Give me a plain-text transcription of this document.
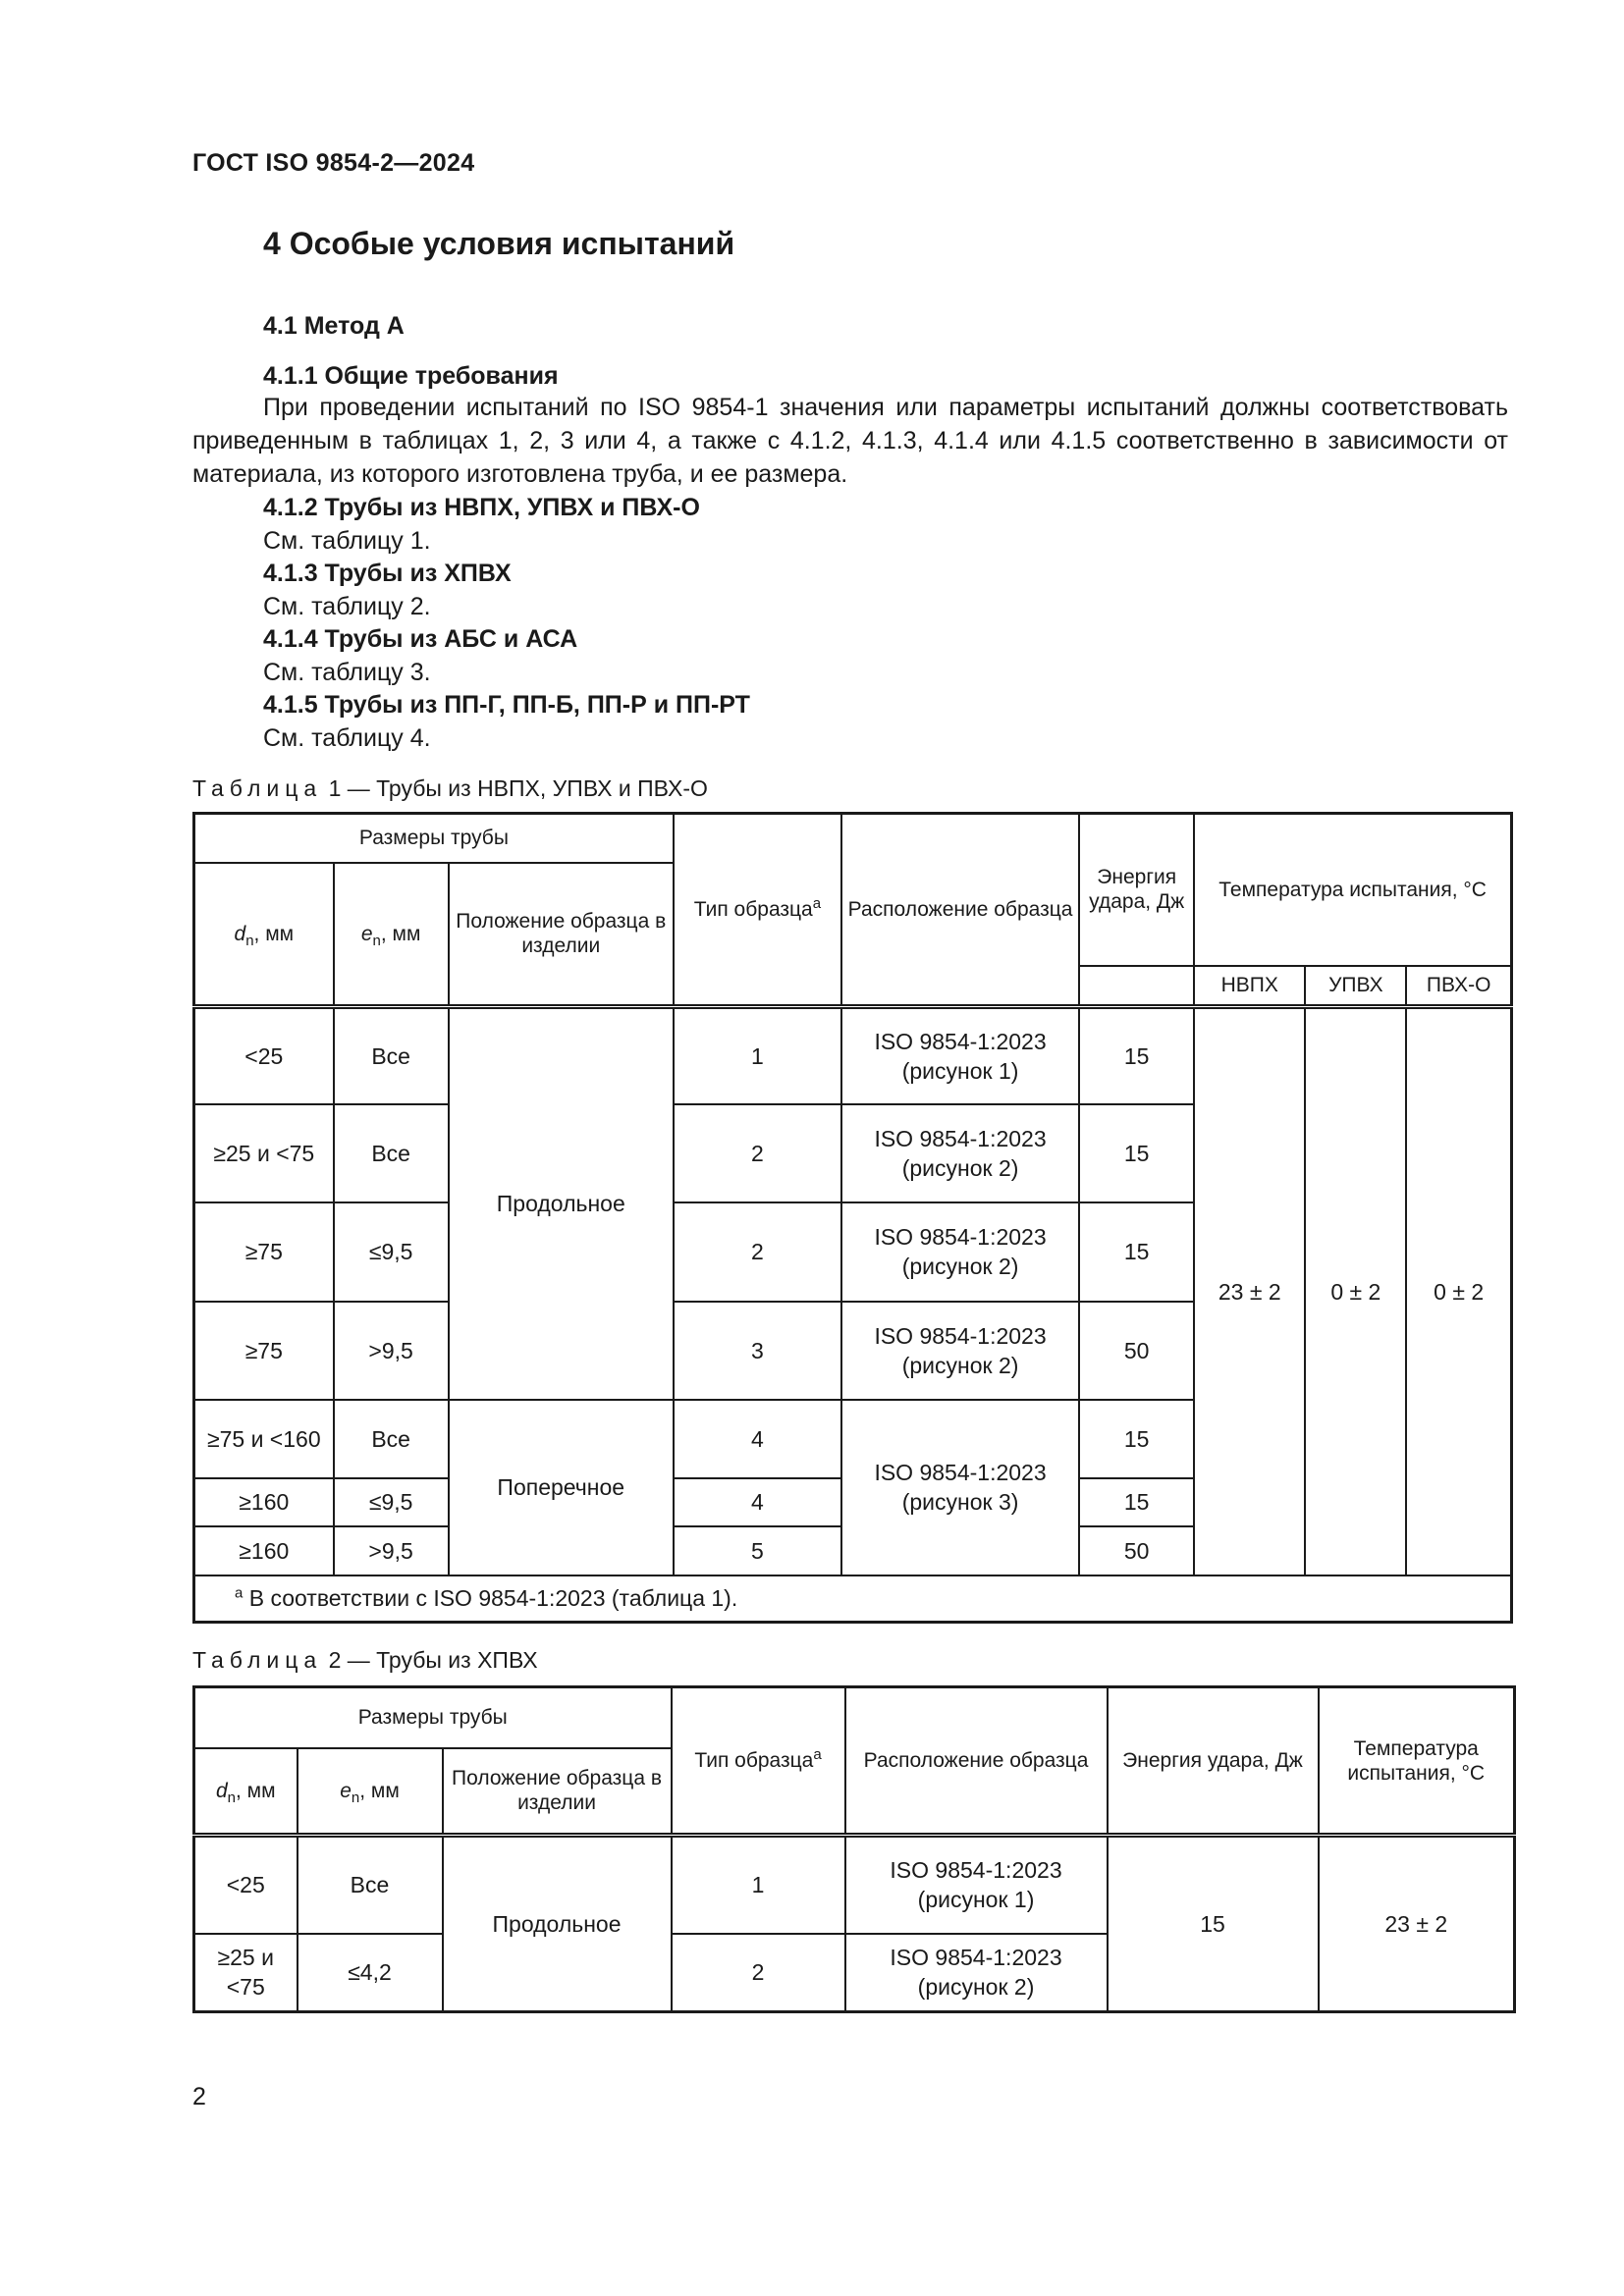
ГОСТ ISO 9854-2—2024
4 Особые условия испытаний
4.1 Метод А
4.1.1 Общие требования
При проведении испытаний по ISO 9854-1 значения или параметры испытаний должны соответствовать приведенным в таблицах 1, 2, 3 или 4, а также с 4.1.2, 4.1.3, 4.1.4 или 4.1.5 соответственно в зависимости от материала, из которого изготовлена труба, и ее размера.
4.1.2 Трубы из НВПХ, УПВХ и ПВХ-О
См. таблицу 1.
4.1.3 Трубы из ХПВХ
См. таблицу 2.
4.1.4 Трубы из АБС и АСА
См. таблицу 3.
4.1.5 Трубы из ПП-Г, ПП-Б, ПП-Р и ПП-РТ
См. таблицу 4.
Таблица 1 — Трубы из НВПХ, УПВХ и ПВХ-О
Размеры трубы			Тип образца$^a$	Расположение образца	Энергия удара, Дж	Температура испытания, °C		
$d_n$, мм	$e_n$, мм	Положение образца в изделии						
						НВПХ	УПВХ	ПВХ-О
<25	Все	Продольное	1	ISO 9854-1:2023 (рисунок 1)	15	23 ± 2	0 ± 2	0 ± 2
≥25 и <75	Все		2	ISO 9854-1:2023 (рисунок 2)	15			
≥75	≤9,5		2	ISO 9854-1:2023 (рисунок 2)	15			
≥75	>9,5		3	ISO 9854-1:2023 (рисунок 2)	50			
≥75 и <160	Все	Поперечное	4	ISO 9854-1:2023 (рисунок 3)	15			
≥160	≤9,5		4		15			
≥160	>9,5		5		50			
$^a$ В соответствии с ISO 9854-1:2023 (таблица 1).								
Таблица 2 — Трубы из ХПВХ
Размеры трубы			Тип образца$^a$	Расположение образца	Энергия удара, Дж	Температура испытания, °C
$d_n$, мм	$e_n$, мм	Положение образца в изделии				
<25	Все	Продольное	1	ISO 9854-1:2023 (рисунок 1)	15	23 ± 2
≥25 и <75	≤4,2		2	ISO 9854-1:2023 (рисунок 2)		
2
